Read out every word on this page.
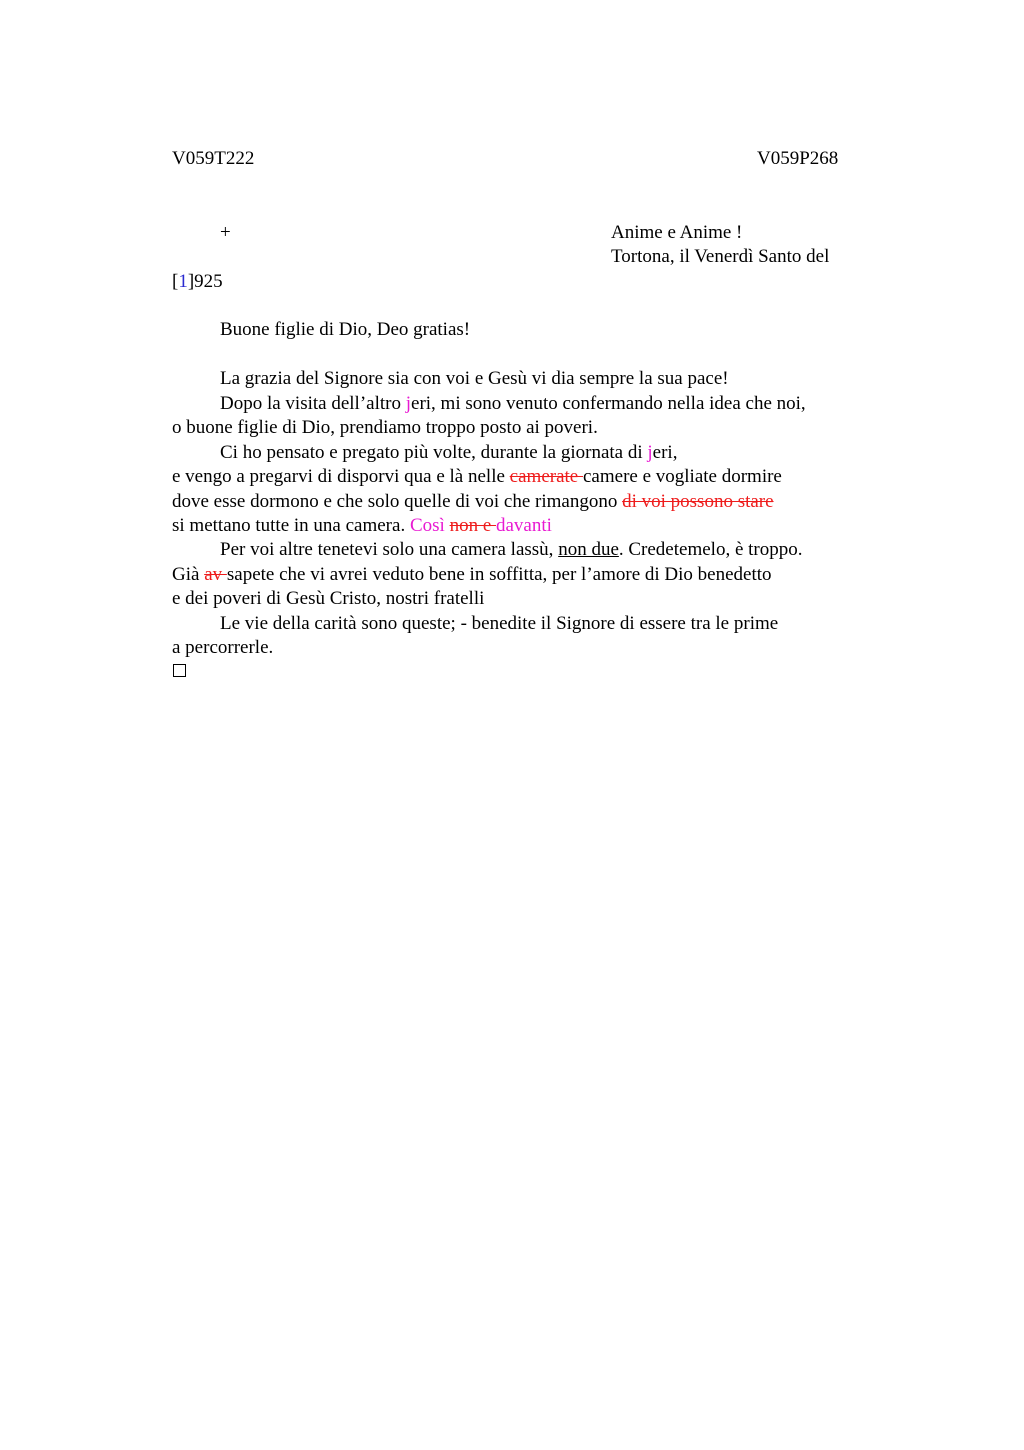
V059T222	V059P268
+	Anime e Anime !
Tortona, il Venerdì Santo del
[1]925
Buone figlie di Dio, Deo gratias!
La grazia del Signore sia con voi e Gesù vi dia sempre la sua pace!
Dopo la visita dell’altro jeri, mi sono venuto confermando nella idea che noi,
o buone figlie di Dio, prendiamo troppo posto ai poveri.
Ci ho pensato e pregato più volte, durante la giornata di jeri,
e vengo a pregarvi di disporvi qua e là nelle camerate camere e vogliate dormire
dove esse dormono e che solo quelle di voi che rimangono di voi possono stare
si mettano tutte in una camera. Così non e davanti
Per voi altre tenetevi solo una camera lassù, non due. Credetemelo, è troppo.
Già av sapete che vi avrei veduto bene in soffitta, per l’amore di Dio benedetto
e dei poveri di Gesù Cristo, nostri fratelli
Le vie della carità sono queste; - benedite il Signore di essere tra le prime
a percorrerle.
